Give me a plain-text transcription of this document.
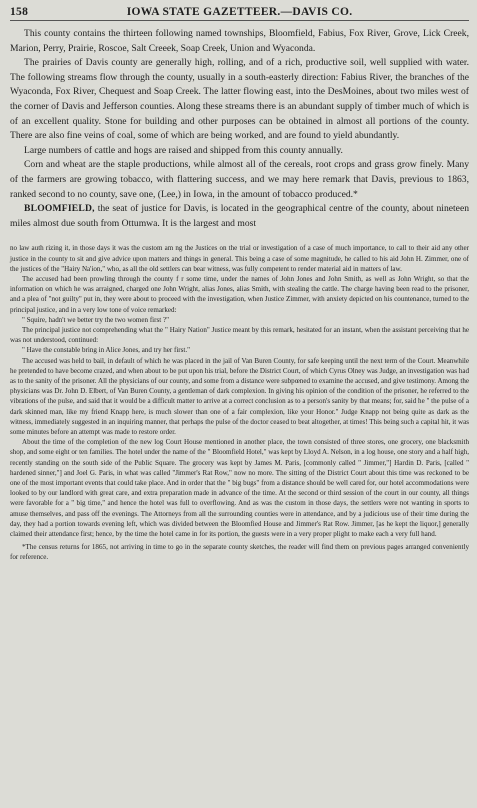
158	IOWA STATE GAZETTEER.—DAVIS CO.

This county contains the thirteen following named townships, Bloomfield, Fabius, Fox River, Grove, Lick Creek, Marion, Perry, Prairie, Roscoe, Salt Creeek, Soap Creek, Union and Wyaconda.

The prairies of Davis county are generally high, rolling, and of a rich, productive soil, well supplied with water. The following streams flow through the county, usually in a south-easterly direction: Fabius River, the branches of the Wyaconda, Fox River, Chequest and Soap Creek. The latter flowing east, into the DesMoines, about two miles west of the corner of Davis and Jefferson counties. Along these streams there is an abundant supply of timber much of which is of an excellent quality. Stone for building and other purposes can be obtained in almost all portions of the county. There are also fine veins of coal, some of which are being worked, and are found to yield abundantly.

Large numbers of cattle and hogs are raised and shipped from this county annually.

Corn and wheat are the staple productions, while almost all of the cereals, root crops and grass grow finely. Many of the farmers are growing tobacco, with flattering success, and we may here remark that Davis, previous to 1863, ranked second to no county, save one, (Lee,) in Iowa, in the amount of tobacco produced.*

BLOOMFIELD, the seat of justice for Davis, is located in the geographical centre of the county, about nineteen miles almost due south from Ottumwa. It is the largest and most

no law auth rizing it, in those days it was the custom am ng the Justices on the trial or investigation of a case of much importance, to call to their aid any other justice in the county to sit and give advice upon matters and things in general. This being a case of some magnitude, he called to his aid John H. Zimmer, one of the justices of the "Hairy Na'ion," who, as all the old settlers can bear witness, was fully competent to render material aid in matters of law.

The accused had been prowling through the county f r some time, under the names of John Jones and John Smith, as well as John Wright, so that the information on which he was arraigned, charged one John Wright, alias Jones, alias Smith, with stealing the cattle. The charge having been read to the prisoner, and a plea of "not guilty" put in, they were about to proceed with the investigation, when Justice Zimmer, with anxiety depicted on his countenance, turned to the principal justice, and in a very low tone of voice remarked:

" Squire, hadn't we better try the two women first ?"

The principal justice not comprehending what the " Hairy Nation" Justice meant by this remark, hesitated for an instant, when the assistant perceiving that he was not understood, continued:

" Have the constable bring in Alice Jones, and try her first."

The accused was held to bail, in default of which he was placed in the jail of Van Buren County, for safe keeping until the next term of the Court. Meanwhile he pretended to have become crazed, and when about to be put upon his trial, before the District Court, of which Cyrus Olney was Judge, an investigation was had as to the sanity of the prisoner. All the physicians of our county, and some from a distance were subpœned to examine the accused, and give testimony. Among the physicians was Dr. John D. Elbert, of Van Buren County, a gentleman of dark complexion. In giving his opinion of the condition of the prisoner, he referred to the vibrations of the pulse, and said that it would be a difficult matter to arrive at a correct conclusion as to a person's sanity by that means; for, said he " the pulse of a dark skinned man, like my friend Knapp here, is much slower than one of a fair complexion, like your Honor." Judge Knapp not being quite as dark as the witness, immediately suggested in an inquiring manner, that perhaps the pulse of the doctor ceased to beat altogether, at times! This being such a capital hit, it was some minutes before an attempt was made to restore order.

About the time of the completion of the new log Court House mentioned in another place, the town consisted of three stores, one grocery, one blacksmith shop, and some eight or ten families. The hotel under the name of the " Bloomfield Hotel," was kept by Lloyd A. Nelson, in a log house, one story and a half high, recently standing on the south side of the Public Square. The grocery was kept by James M. Paris, [commonly called " Jimmer,"] Hardin D. Paris, [called " hardened sinner,"] and Joel G. Paris, in what was called "Jimmer's Rat Row," now no more. The sitting of the District Court about this time was reckoned to be one of the most important events that could take place. And in order that the " big bugs" from a distance should be well cared for, our hotel accommodations were looked to by our landlord with great care, and extra preparation made in advance of the time. At the second or third session of the court in our county, all things were favorable for a " big time," and hence the hotel was full to overflowing. And as was the custom in those days, the settlers were not wanting in sports to amuse themselves, and pass off the evenings. The Attorneys from all the surrounding counties were in attendance, and by a judicious use of their time during the day, they had a portion towards evening left, which was divided between the Bloomfied House and Jimmer's Rat Row. Jimmer, [as he kept the liquor,] generally claimed their attendance first; hence, by the time the hotel came in for its portion, the guests were in a very proper plight to make each a very full hand.

*The census returns for 1865, not arriving in time to go in the separate county sketches, the reader will find them on previous pages arranged conveniently for reference.
